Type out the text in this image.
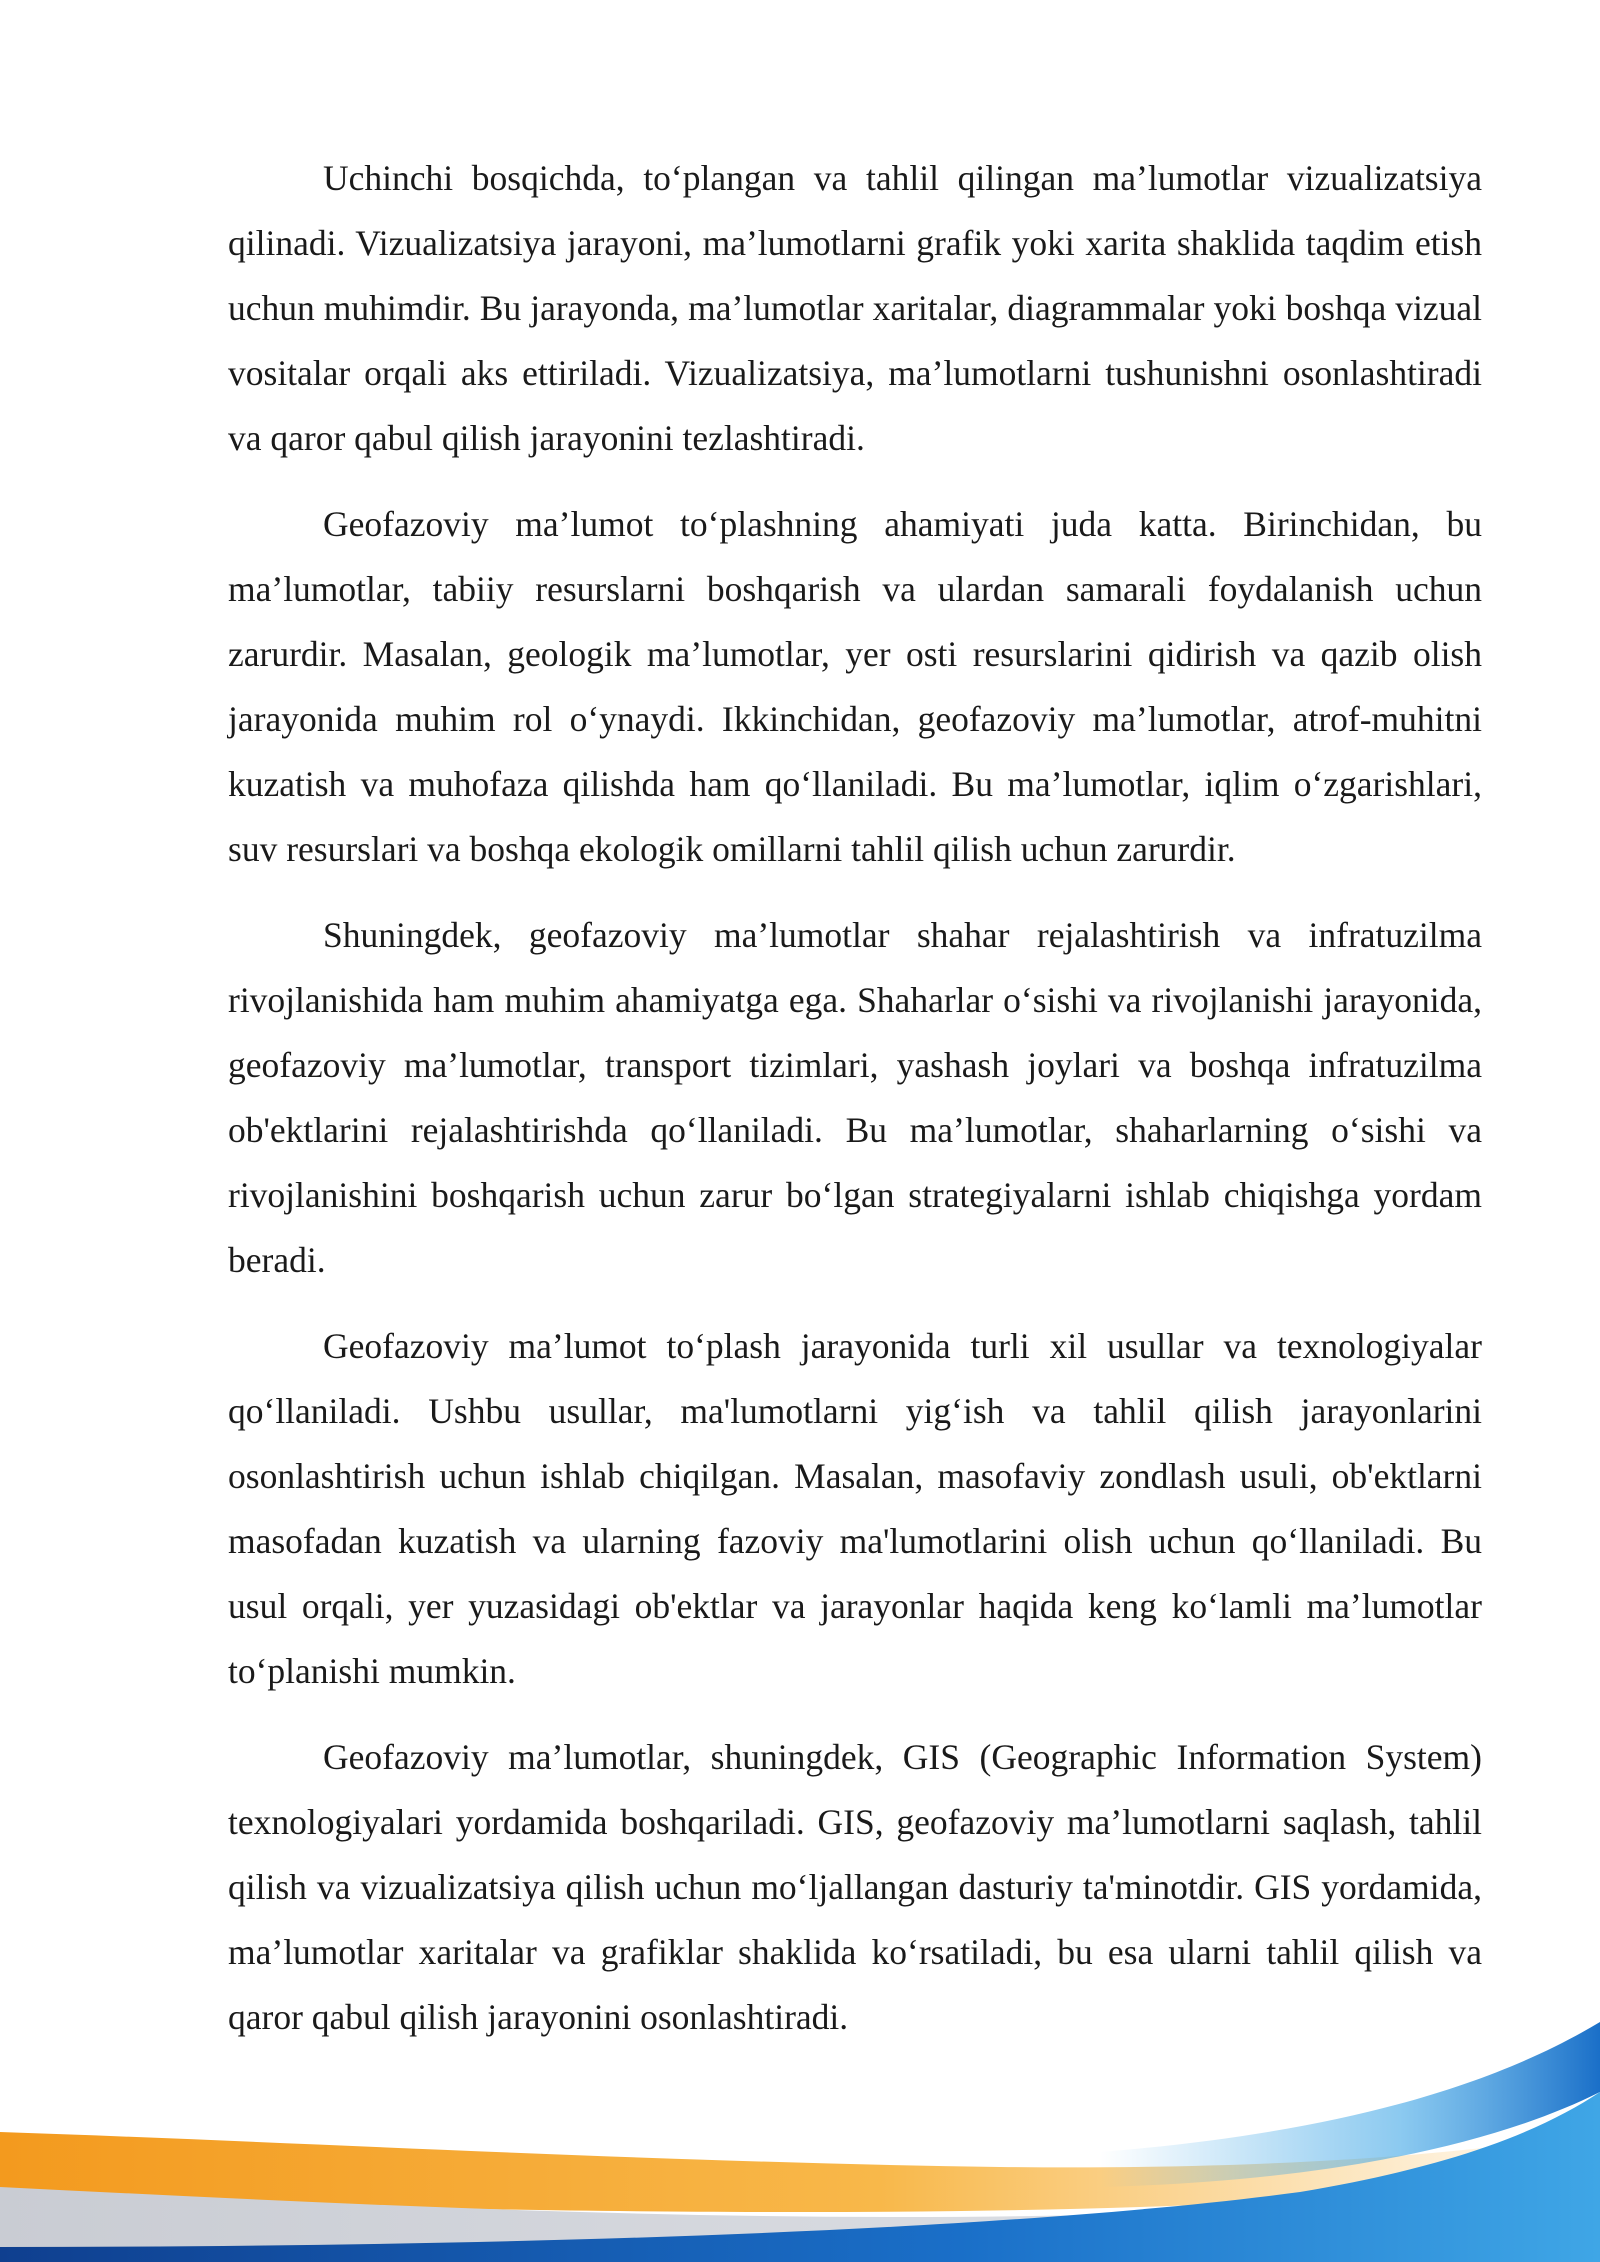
Uchinchi bosqichda, to‘plangan va tahlil qilingan ma’lumotlar vizualizatsiya qilinadi. Vizualizatsiya jarayoni, ma’lumotlarni grafik yoki xarita shaklida taqdim etish uchun muhimdir. Bu jarayonda, ma’lumotlar xaritalar, diagrammalar yoki boshqa vizual vositalar orqali aks ettiriladi. Vizualizatsiya, ma’lumotlarni tushunishni osonlashtiradi va qaror qabul qilish jarayonini tezlashtiradi.

Geofazoviy ma’lumot to‘plashning ahamiyati juda katta. Birinchidan, bu ma’lumotlar, tabiiy resurslarni boshqarish va ulardan samarali foydalanish uchun zarurdir. Masalan, geologik ma’lumotlar, yer osti resurslarini qidirish va qazib olish jarayonida muhim rol o‘ynaydi. Ikkinchidan, geofazoviy ma’lumotlar, atrof-muhitni kuzatish va muhofaza qilishda ham qo‘llaniladi. Bu ma’lumotlar, iqlim o‘zgarishlari, suv resurslari va boshqa ekologik omillarni tahlil qilish uchun zarurdir.

Shuningdek, geofazoviy ma’lumotlar shahar rejalashtirish va infratuzilma rivojlanishida ham muhim ahamiyatga ega. Shaharlar o‘sishi va rivojlanishi jarayonida, geofazoviy ma’lumotlar, transport tizimlari, yashash joylari va boshqa infratuzilma ob'ektlarini rejalashtirishda qo‘llaniladi. Bu ma’lumotlar, shaharlarning o‘sishi va rivojlanishini boshqarish uchun zarur bo‘lgan strategiyalarni ishlab chiqishga yordam beradi.

Geofazoviy ma’lumot to‘plash jarayonida turli xil usullar va texnologiyalar qo‘llaniladi. Ushbu usullar, ma'lumotlarni yig‘ish va tahlil qilish jarayonlarini osonlashtirish uchun ishlab chiqilgan. Masalan, masofaviy zondlash usuli, ob'ektlarni masofadan kuzatish va ularning fazoviy ma'lumotlarini olish uchun qo‘llaniladi. Bu usul orqali, yer yuzasidagi ob'ektlar va jarayonlar haqida keng ko‘lamli ma’lumotlar to‘planishi mumkin.

Geofazoviy ma’lumotlar, shuningdek, GIS (Geographic Information System) texnologiyalari yordamida boshqariladi. GIS, geofazoviy ma’lumotlarni saqlash, tahlil qilish va vizualizatsiya qilish uchun mo‘ljallangan dasturiy ta'minotdir. GIS yordamida, ma’lumotlar xaritalar va grafiklar shaklida ko‘rsatiladi, bu esa ularni tahlil qilish va qaror qabul qilish jarayonini osonlashtiradi.
